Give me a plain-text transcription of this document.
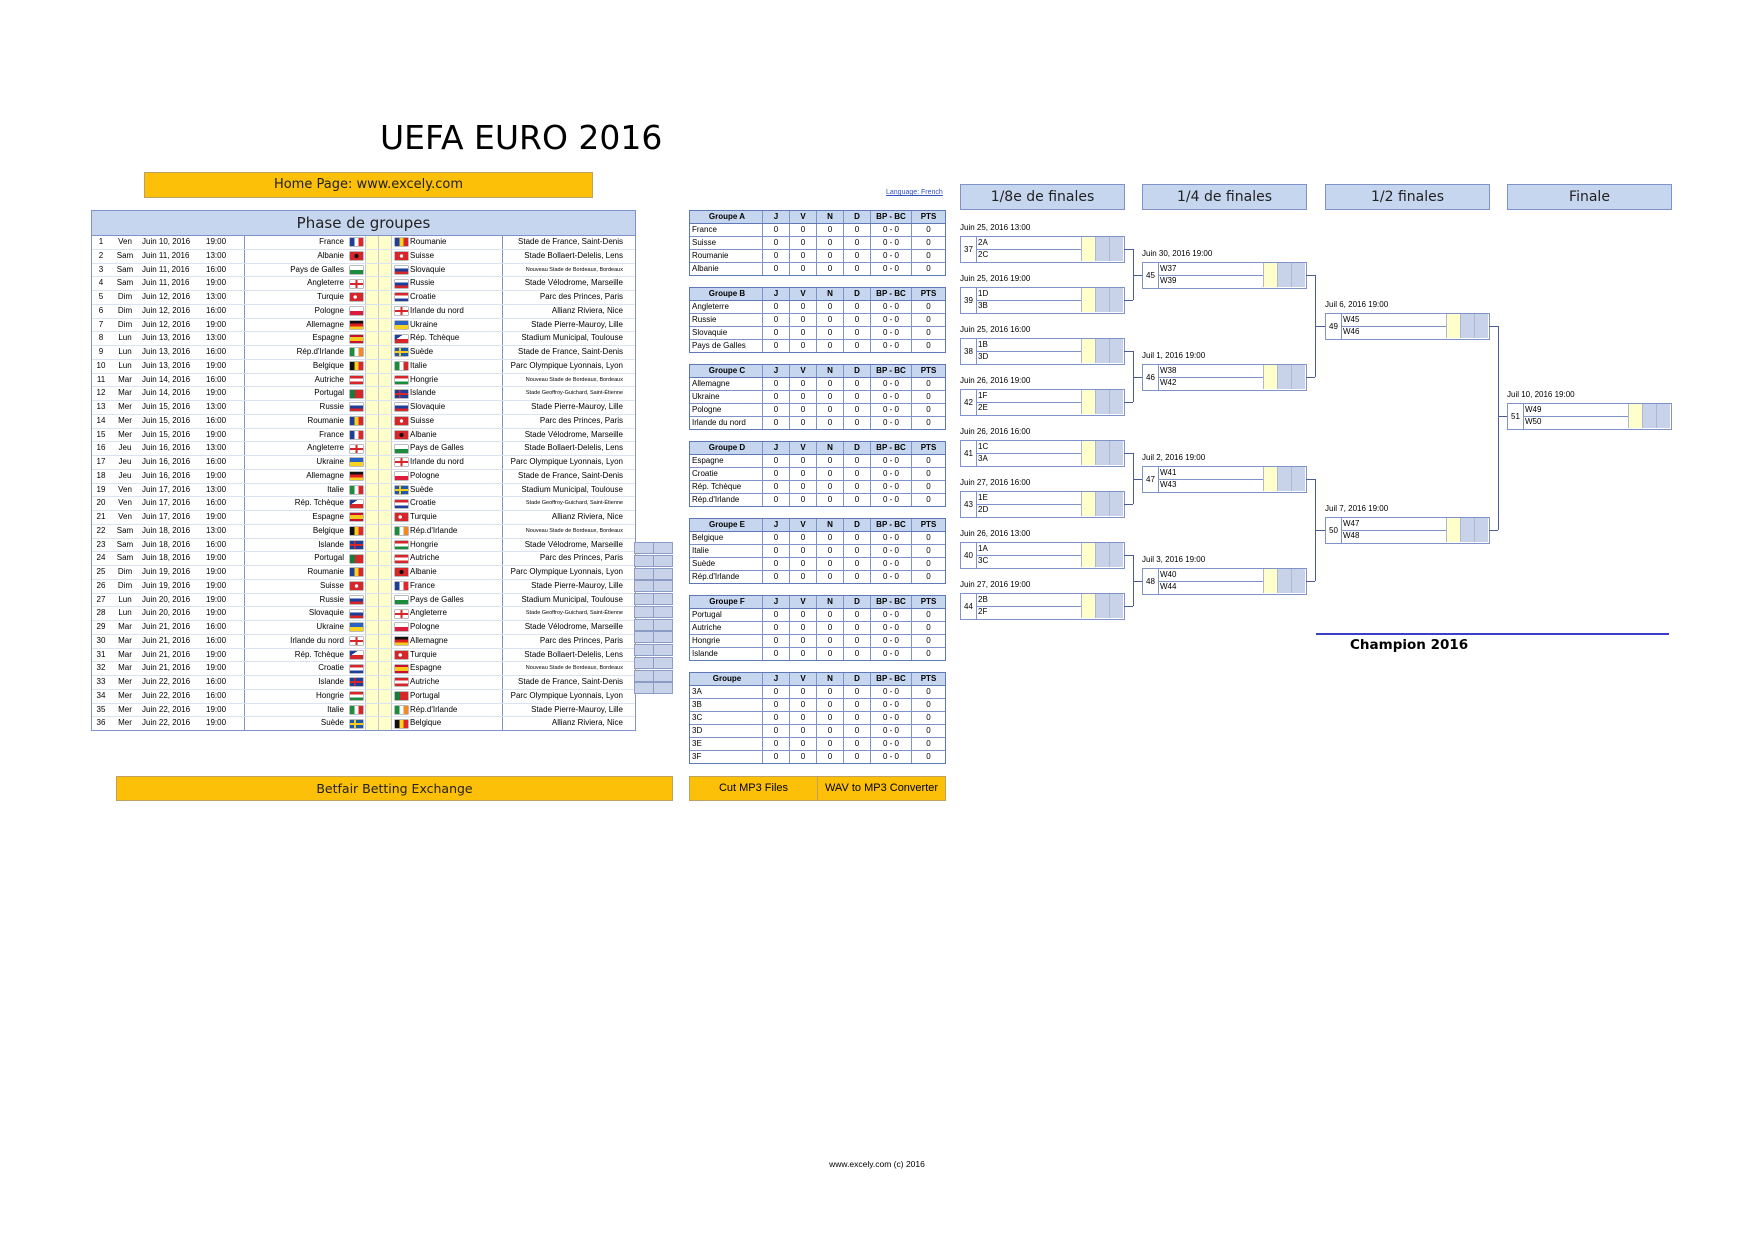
UEFA EURO 2016
Home Page: www.excely.com
Language: French
Phase de groupes
1	Ven	Juin 10, 2016	19:00	France	Roumanie	Stade de France, Saint-Denis
2	Sam	Juin 11, 2016	13:00	Albanie	Suisse	Stade Bollaert-Delelis, Lens
3	Sam	Juin 11, 2016	16:00	Pays de Galles	Slovaquie	Nouveau Stade de Bordeaux, Bordeaux
4	Sam	Juin 11, 2016	19:00	Angleterre	Russie	Stade Vélodrome, Marseille
5	Dim	Juin 12, 2016	13:00	Turquie	Croatie	Parc des Princes, Paris
6	Dim	Juin 12, 2016	16:00	Pologne	Irlande du nord	Allianz Riviera, Nice
7	Dim	Juin 12, 2016	19:00	Allemagne	Ukraine	Stade Pierre-Mauroy, Lille
8	Lun	Juin 13, 2016	13:00	Espagne	Rép. Tchèque	Stadium Municipal, Toulouse
9	Lun	Juin 13, 2016	16:00	Rép.d'Irlande	Suède	Stade de France, Saint-Denis
10	Lun	Juin 13, 2016	19:00	Belgique	Italie	Parc Olympique Lyonnais, Lyon
11	Mar	Juin 14, 2016	16:00	Autriche	Hongrie	Nouveau Stade de Bordeaux, Bordeaux
12	Mar	Juin 14, 2016	19:00	Portugal	Islande	Stade Geoffroy-Guichard, Saint-Étienne
13	Mer	Juin 15, 2016	13:00	Russie	Slovaquie	Stade Pierre-Mauroy, Lille
14	Mer	Juin 15, 2016	16:00	Roumanie	Suisse	Parc des Princes, Paris
15	Mer	Juin 15, 2016	19:00	France	Albanie	Stade Vélodrome, Marseille
16	Jeu	Juin 16, 2016	13:00	Angleterre	Pays de Galles	Stade Bollaert-Delelis, Lens
17	Jeu	Juin 16, 2016	16:00	Ukraine	Irlande du nord	Parc Olympique Lyonnais, Lyon
18	Jeu	Juin 16, 2016	19:00	Allemagne	Pologne	Stade de France, Saint-Denis
19	Ven	Juin 17, 2016	13:00	Italie	Suède	Stadium Municipal, Toulouse
20	Ven	Juin 17, 2016	16:00	Rép. Tchèque	Croatie	Stade Geoffroy-Guichard, Saint-Étienne
21	Ven	Juin 17, 2016	19:00	Espagne	Turquie	Allianz Riviera, Nice
22	Sam	Juin 18, 2016	13:00	Belgique	Rép.d'Irlande	Nouveau Stade de Bordeaux, Bordeaux
23	Sam	Juin 18, 2016	16:00	Islande	Hongrie	Stade Vélodrome, Marseille
24	Sam	Juin 18, 2016	19:00	Portugal	Autriche	Parc des Princes, Paris
25	Dim	Juin 19, 2016	19:00	Roumanie	Albanie	Parc Olympique Lyonnais, Lyon
26	Dim	Juin 19, 2016	19:00	Suisse	France	Stade Pierre-Mauroy, Lille
27	Lun	Juin 20, 2016	19:00	Russie	Pays de Galles	Stadium Municipal, Toulouse
28	Lun	Juin 20, 2016	19:00	Slovaquie	Angleterre	Stade Geoffroy-Guichard, Saint-Étienne
29	Mar	Juin 21, 2016	16:00	Ukraine	Pologne	Stade Vélodrome, Marseille
30	Mar	Juin 21, 2016	16:00	Irlande du nord	Allemagne	Parc des Princes, Paris
31	Mar	Juin 21, 2016	19:00	Rép. Tchèque	Turquie	Stade Bollaert-Delelis, Lens
32	Mar	Juin 21, 2016	19:00	Croatie	Espagne	Nouveau Stade de Bordeaux, Bordeaux
33	Mer	Juin 22, 2016	16:00	Islande	Autriche	Stade de France, Saint-Denis
34	Mer	Juin 22, 2016	16:00	Hongrie	Portugal	Parc Olympique Lyonnais, Lyon
35	Mer	Juin 22, 2016	19:00	Italie	Rép.d'Irlande	Stade Pierre-Mauroy, Lille
36	Mer	Juin 22, 2016	19:00	Suède	Belgique	Allianz Riviera, Nice
Groupe A	J	V	N	D	BP - BC	PTS
France	0	0	0	0	0 - 0	0
Suisse	0	0	0	0	0 - 0	0
Roumanie	0	0	0	0	0 - 0	0
Albanie	0	0	0	0	0 - 0	0
Groupe B	J	V	N	D	BP - BC	PTS
Angleterre	0	0	0	0	0 - 0	0
Russie	0	0	0	0	0 - 0	0
Slovaquie	0	0	0	0	0 - 0	0
Pays de Galles	0	0	0	0	0 - 0	0
Groupe C	J	V	N	D	BP - BC	PTS
Allemagne	0	0	0	0	0 - 0	0
Ukraine	0	0	0	0	0 - 0	0
Pologne	0	0	0	0	0 - 0	0
Irlande du nord	0	0	0	0	0 - 0	0
Groupe D	J	V	N	D	BP - BC	PTS
Espagne	0	0	0	0	0 - 0	0
Croatie	0	0	0	0	0 - 0	0
Rép. Tchèque	0	0	0	0	0 - 0	0
Rép.d'Irlande	0	0	0	0	0 - 0	0
Groupe E	J	V	N	D	BP - BC	PTS
Belgique	0	0	0	0	0 - 0	0
Italie	0	0	0	0	0 - 0	0
Suède	0	0	0	0	0 - 0	0
Rép.d'Irlande	0	0	0	0	0 - 0	0
Groupe F	J	V	N	D	BP - BC	PTS
Portugal	0	0	0	0	0 - 0	0
Autriche	0	0	0	0	0 - 0	0
Hongrie	0	0	0	0	0 - 0	0
Islande	0	0	0	0	0 - 0	0
Groupe	J	V	N	D	BP - BC	PTS
3A	0	0	0	0	0 - 0	0
3B	0	0	0	0	0 - 0	0
3C	0	0	0	0	0 - 0	0
3D	0	0	0	0	0 - 0	0
3E	0	0	0	0	0 - 0	0
3F	0	0	0	0	0 - 0	0
1/8e de finales	1/4 de finales	1/2 finales	Finale
Juin 25, 2016 13:00
37
2A
2C
Juin 25, 2016 19:00
39
1D
3B
Juin 25, 2016 16:00
38
1B
3D
Juin 26, 2016 19:00
42
1F
2E
Juin 26, 2016 16:00
41
1C
3A
Juin 27, 2016 16:00
43
1E
2D
Juin 26, 2016 13:00
40
1A
3C
Juin 27, 2016 19:00
44
2B
2F
Juin 30, 2016 19:00
45
W37
W39
Juil 1, 2016 19:00
46
W38
W42
Juil 2, 2016 19:00
47
W41
W43
Juil 3, 2016 19:00
48
W40
W44
Juil 6, 2016 19:00
49
W45
W46
Juil 7, 2016 19:00
50
W47
W48
Juil 10, 2016 19:00
51
W49
W50
Champion 2016
Betfair Betting Exchange	Cut MP3 Files	WAV to MP3 Converter
www.excely.com (c) 2016
